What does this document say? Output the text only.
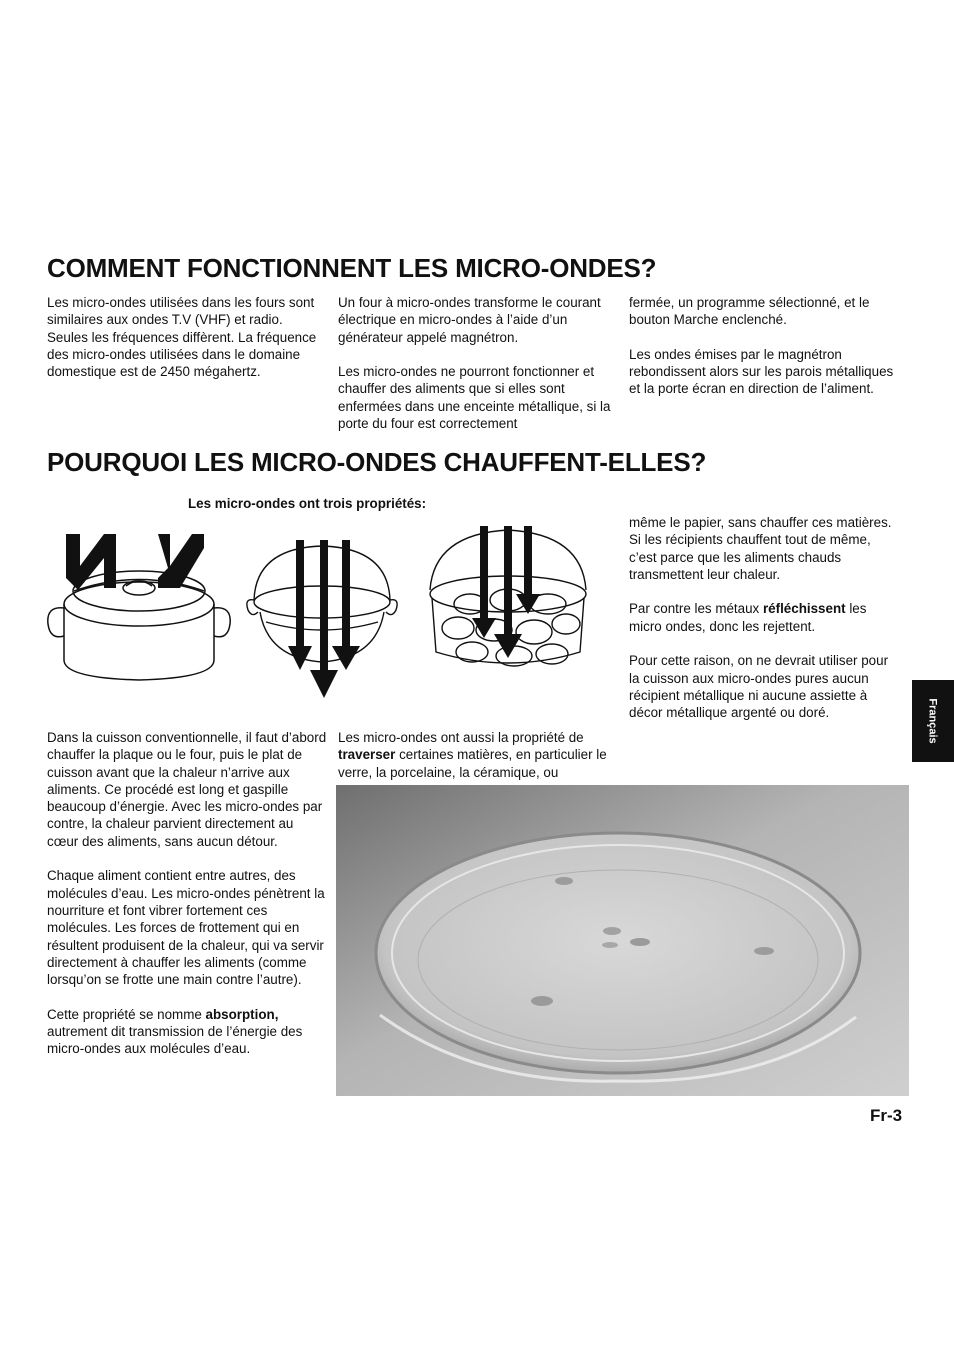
COMMENT FONCTIONNENT LES MICRO-ONDES?

Les micro-ondes utilisées dans les fours sont similaires aux ondes T.V (VHF) et radio. Seules les fréquences diffèrent. La fréquence des micro-ondes utilisées dans le domaine domestique est de 2450 mégahertz.

Un four à micro-ondes transforme le courant électrique en micro-ondes à l’aide d’un générateur appelé magnétron.

Les micro-ondes ne pourront fonctionner et chauffer des aliments que si elles sont enfermées dans une enceinte métallique, si la porte du four est correctement

fermée, un programme sélectionné, et le bouton Marche enclenché.

Les ondes émises par le magnétron rebondissent alors sur les parois métalliques et la porte écran en direction de l’aliment.

POURQUOI LES MICRO-ONDES CHAUFFENT-ELLES?
Les micro-ondes ont trois propriétés:

Dans la cuisson conventionnelle, il faut d’abord chauffer la plaque ou le four, puis le plat de cuisson avant que la chaleur n’arrive aux aliments. Ce procédé est long et gaspille beaucoup d’énergie. Avec les micro-ondes par contre, la chaleur parvient directement au cœur des aliments, sans aucun détour.

Chaque aliment contient entre autres, des molécules d’eau. Les micro-ondes pénètrent la nourriture et font vibrer fortement ces molécules. Les forces de frottement qui en résultent produisent de la chaleur, qui va servir directement à chauffer les aliments (comme lorsqu’on se frotte une main contre l’autre).

Cette propriété se nomme absorption, autrement dit transmission de l’énergie des micro-ondes aux molécules d’eau.

Les micro-ondes ont aussi la propriété de traverser certaines matières, en particulier le verre, la porcelaine, la céramique, ou

même le papier, sans chauffer ces matières. Si les récipients chauffent tout de même, c’est parce que les aliments chauds transmettent leur chaleur.

Par contre les métaux réfléchissent les micro ondes, donc les rejettent.

Pour cette raison, on ne devrait utiliser pour la cuisson aux micro-ondes pures aucun récipient métallique ni aucune assiette à décor métallique argenté ou doré.	Français
Fr-3
